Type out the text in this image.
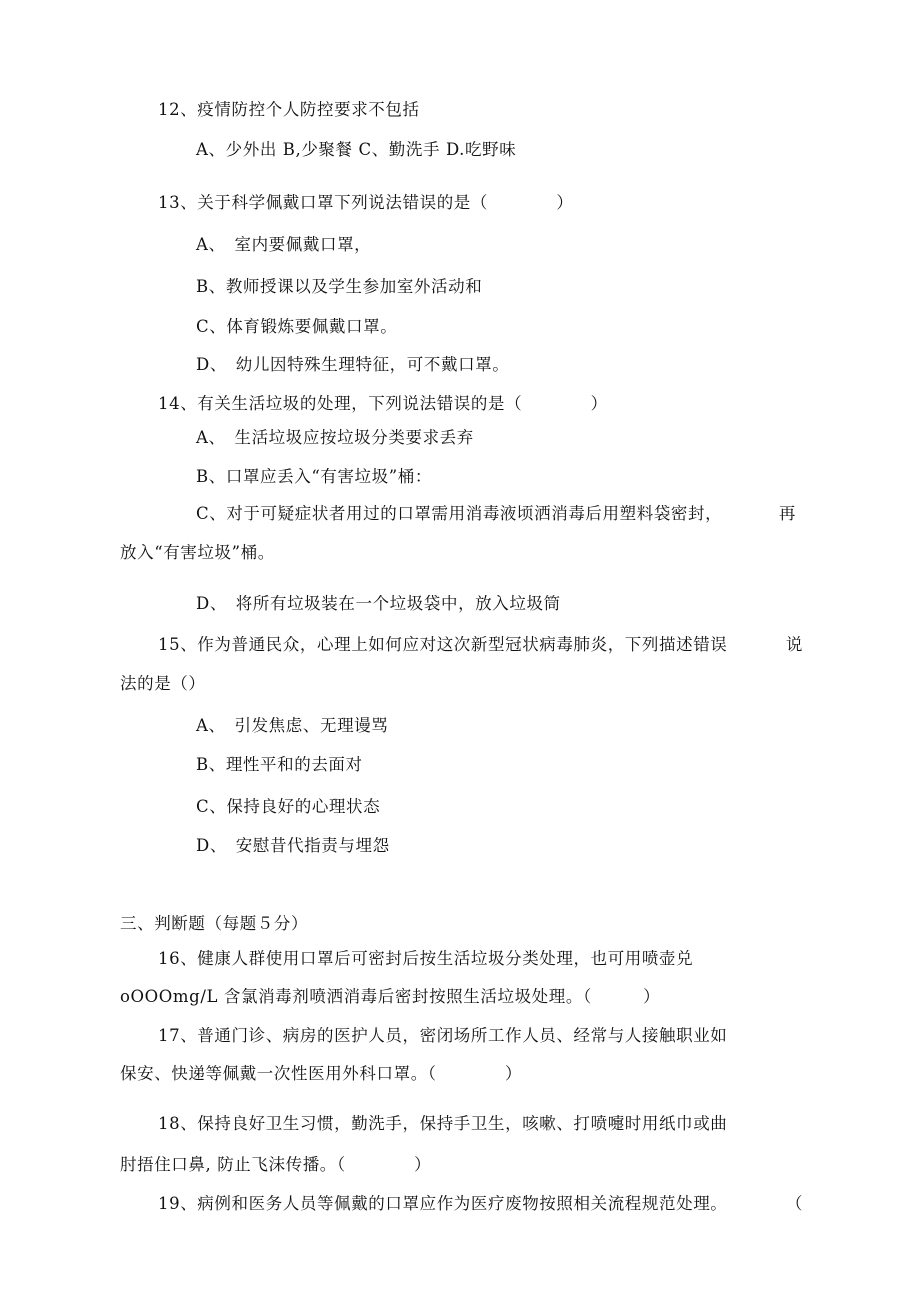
12、疫情防控个人防控要求不包括
A、少外出 B,少聚餐 C、勤洗手 D.吃野味
13、关于科学佩戴口罩下列说法错误的是（　　　　）
A、　室内要佩戴口罩，
B、教师授课以及学生参加室外活动和
C、体育锻炼要佩戴口罩。
D、　幼儿因特殊生理特征，可不戴口罩。
14、有关生活垃圾的处理，下列说法错误的是（　　　　）
A、　生活垃圾应按垃圾分类要求丢弃
B、口罩应丢入“有害垃圾”桶：
C、对于可疑症状者用过的口罩需用消毒液顷洒消毒后用塑料袋密封，	再
放入“有害垃圾”桶。
D、　将所有垃圾装在一个垃圾袋中，放入垃圾筒
15、作为普通民众，心理上如何应对这次新型冠状病毒肺炎，下列描述错误	说
法的是（）
A、　引发焦虑、无理谩骂
B、理性平和的去面对
C、保持良好的心理状态
D、　安慰昔代指责与埋怨
三、判断题（每题５分）
16、健康人群使用口罩后可密封后按生活垃圾分类处理，也可用喷壶兑
oOOOmg/L 含氯消毒剂喷洒消毒后密封按照生活垃圾处理。（　　　）
17、普通门诊、病房的医护人员，密闭场所工作人员、经常与人接触职业如
保安、快递等佩戴一次性医用外科口罩。（　　　　）
18、保持良好卫生习惯，勤洗手，保持手卫生，咳嗽、打喷嚏时用纸巾或曲
肘捂住口鼻, 防止飞沫传播。（　　　　）
19、病例和医务人员等佩戴的口罩应作为医疗废物按照相关流程规范处理。	（
